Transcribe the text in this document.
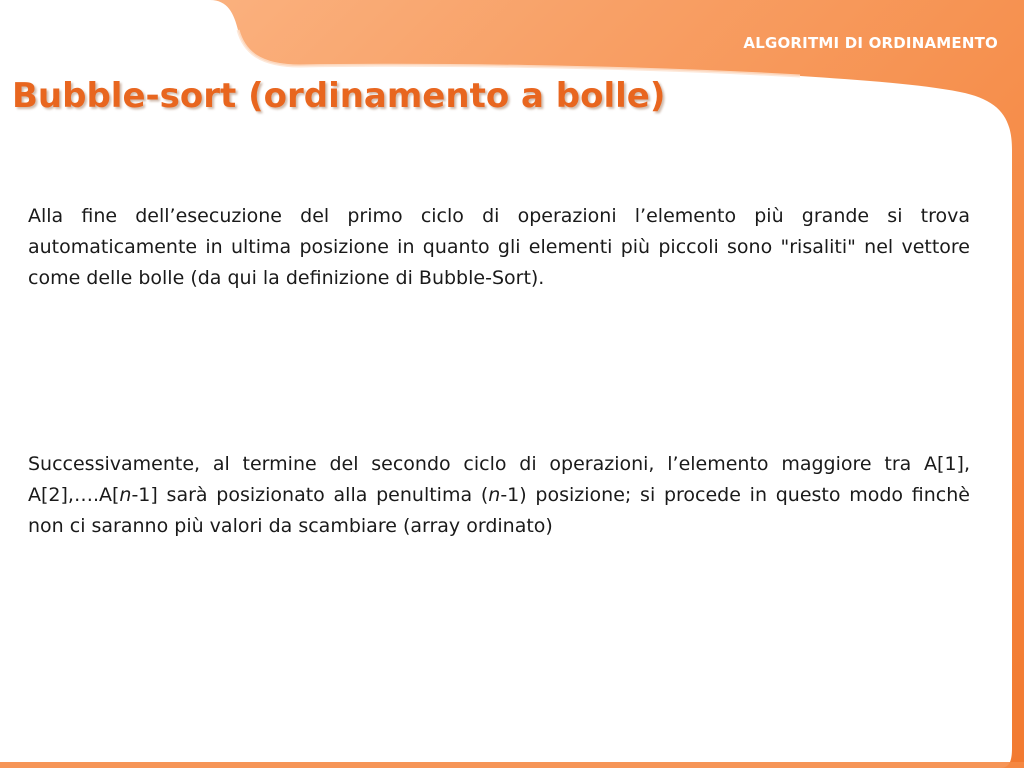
ALGORITMI DI ORDINAMENTO
Bubble-sort (ordinamento a bolle)

Alla fine dell’esecuzione del primo ciclo di operazioni l’elemento più grande si trova automaticamente in ultima posizione in quanto gli elementi più piccoli sono "risaliti" nel vettore come delle bolle (da qui la definizione di Bubble-Sort).

Successivamente, al termine del secondo ciclo di operazioni, l’elemento maggiore tra A[1], A[2],….A[n-1] sarà posizionato alla penultima (n-1) posizione; si procede in questo modo finchè non ci saranno più valori da scambiare (array ordinato)

29
